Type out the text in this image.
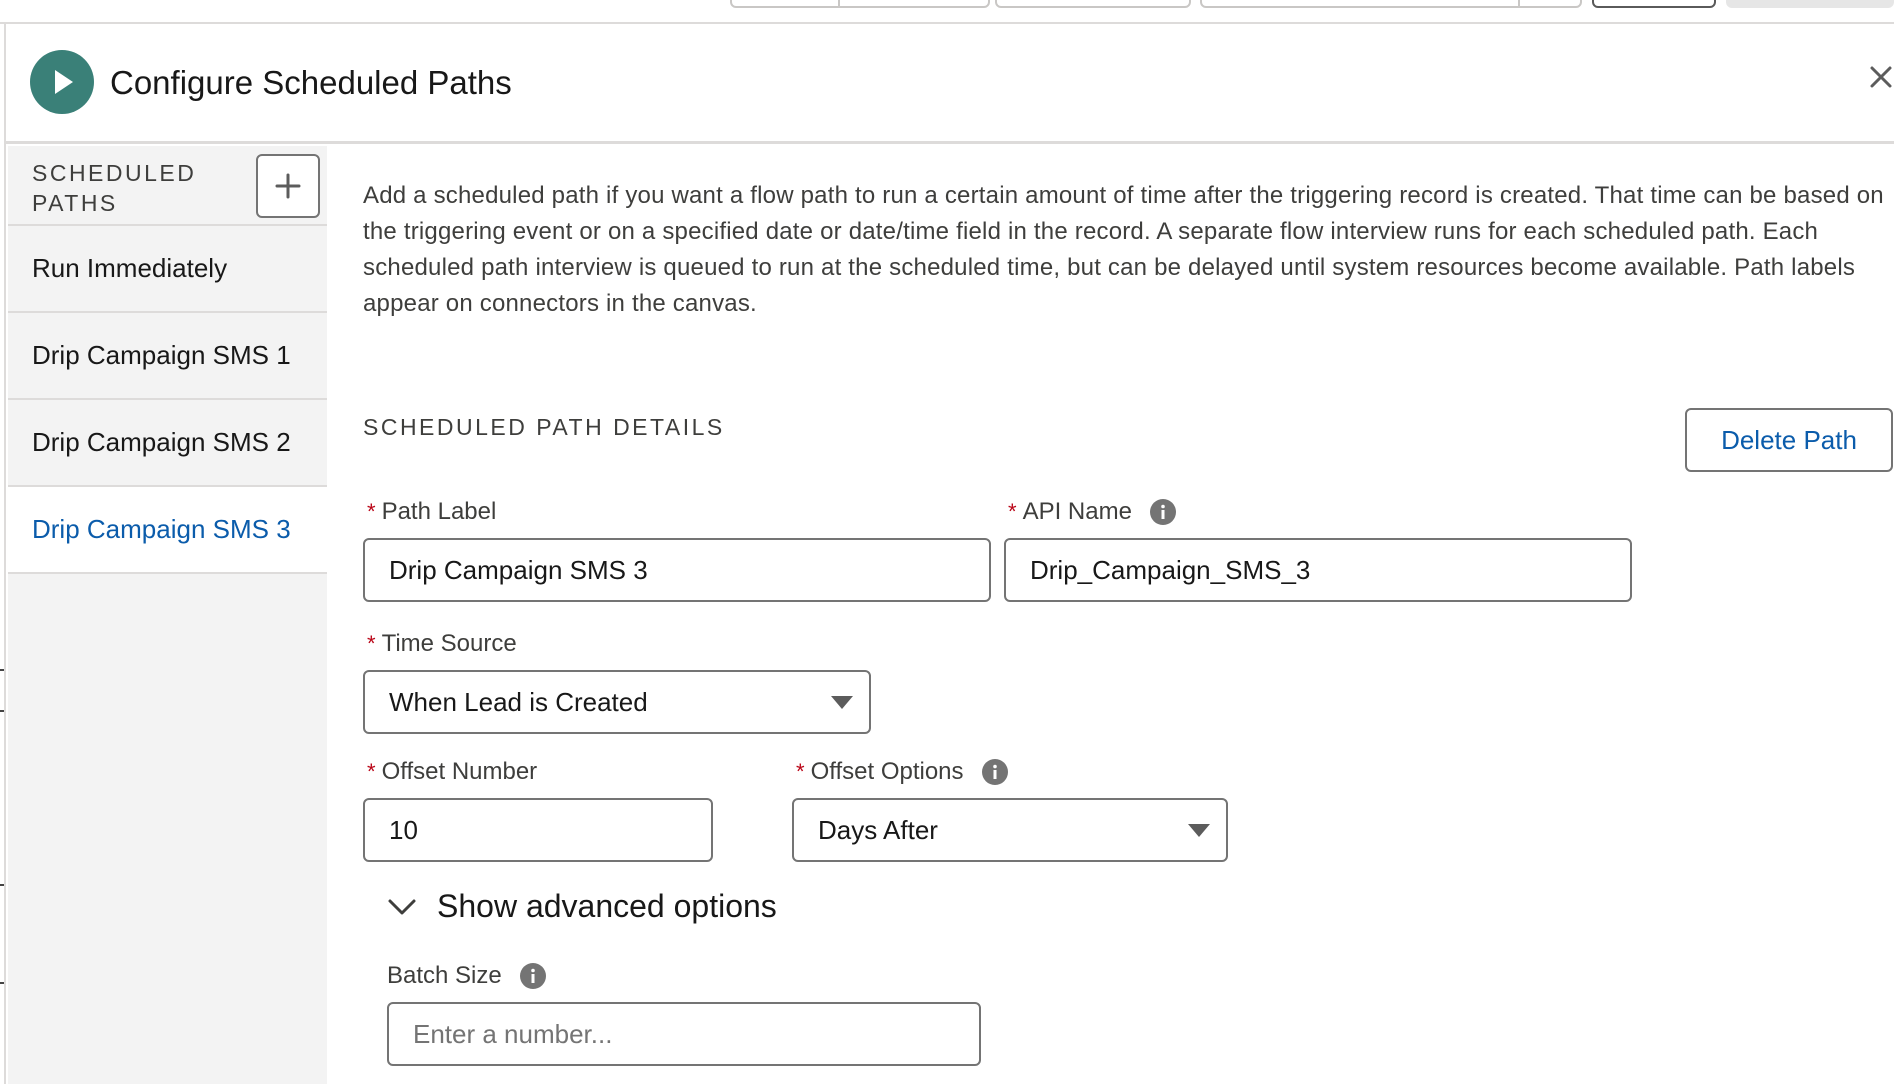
Configure Scheduled Paths
SCHEDULED
PATHS
Run Immediately
Drip Campaign SMS 1
Drip Campaign SMS 2
Drip Campaign SMS 3
Add a scheduled path if you want a flow path to run a certain amount of time after the triggering record is created. That time can be based on the triggering event or on a specified date or date/time field in the record. A separate flow interview runs for each scheduled path. Each scheduled path interview is queued to run at the scheduled time, but can be delayed until system resources become available. Path labels appear on connectors in the canvas.
SCHEDULED PATH DETAILS	Delete Path
* Path Label
Drip Campaign SMS 3
* API Name
Drip_Campaign_SMS_3
* Time Source
When Lead is Created
* Offset Number
10
* Offset Options
Days After
Show advanced options
Batch Size
Enter a number...
